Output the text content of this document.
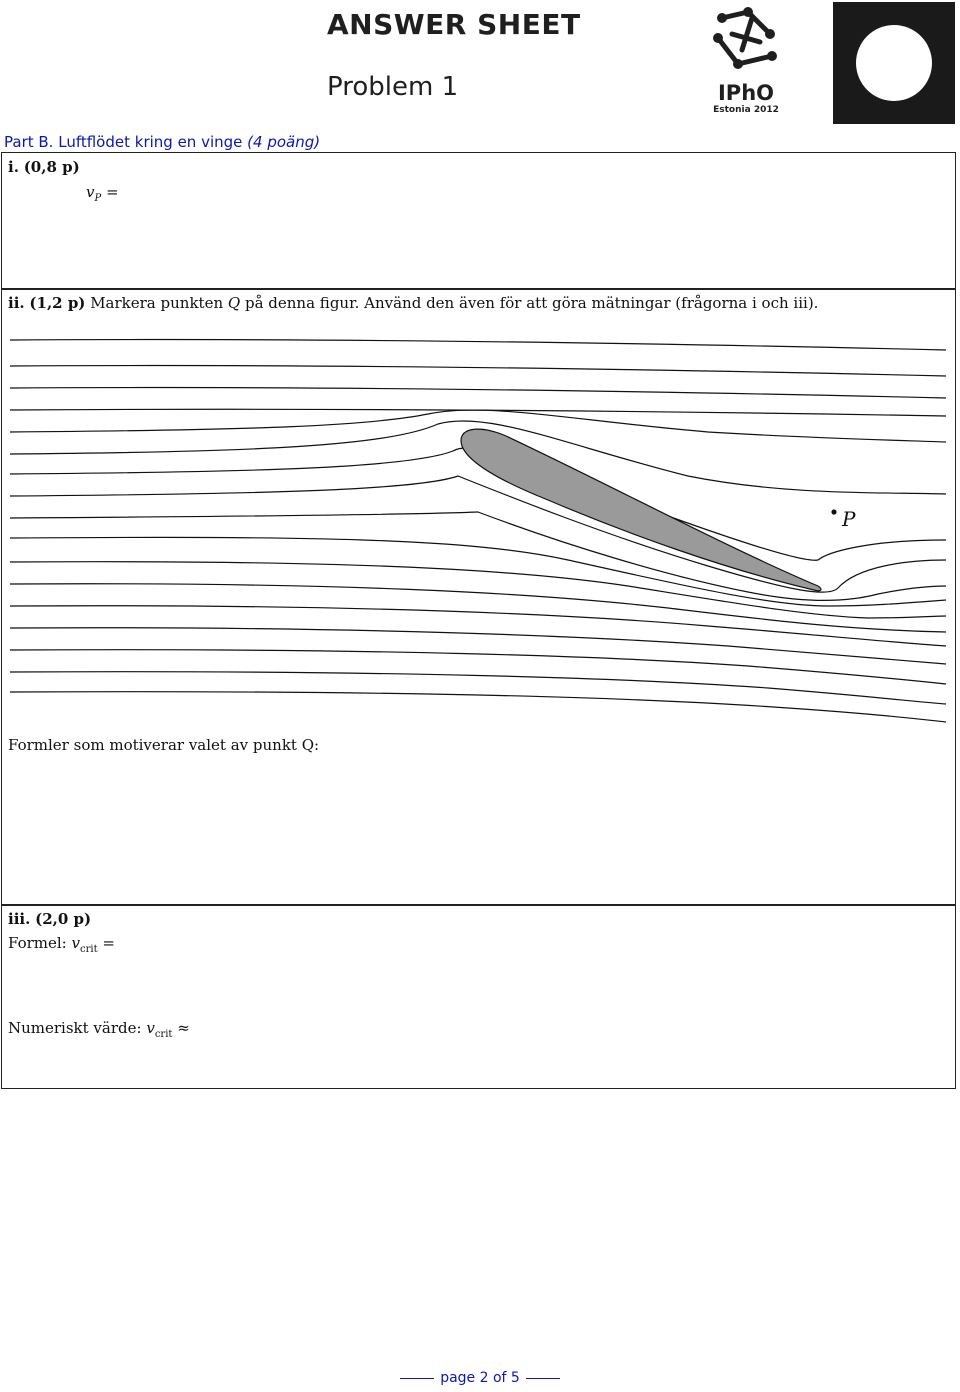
ANSWER SHEET
Problem 1	IPhO
Estonia 2012
Part B. Luftflödet kring en vinge (4 poäng)
i. (0,8 p)
$v_P$ =
ii. (1,2 p) Markera punkten Q på denna figur. Använd den även för att göra mätningar (frågorna i och iii).
P
Formler som motiverar valet av punkt Q:
iii. (2,0 p)
Formel: $v_{crit}$ =
Numeriskt värde: $v_{crit}$ ≈
page 2 of 5
